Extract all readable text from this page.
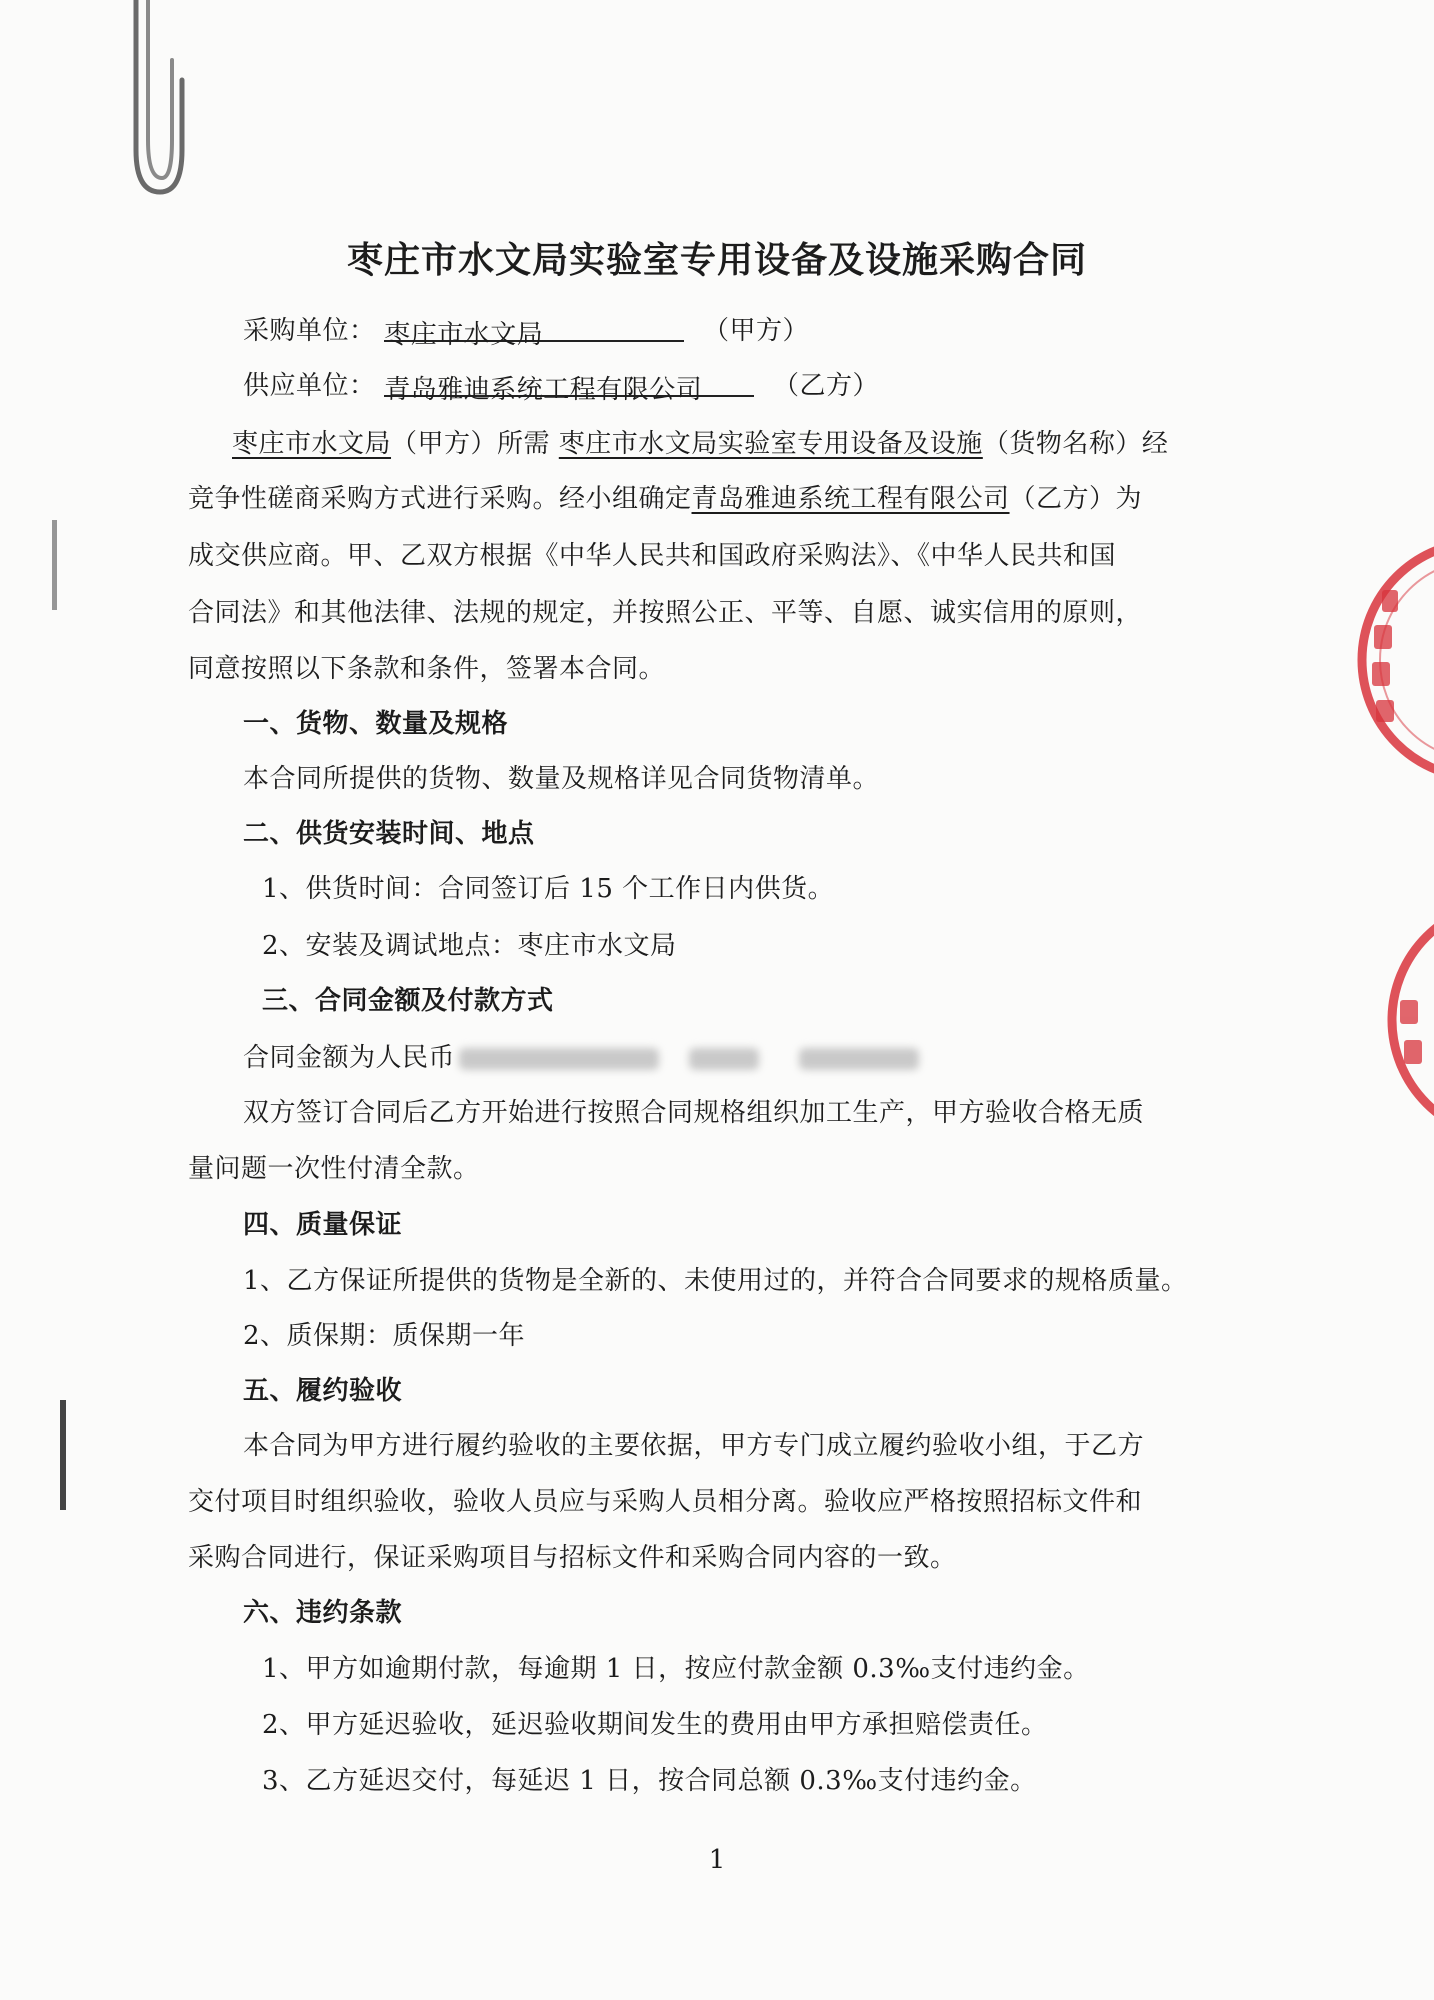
枣庄市水文局实验室专用设备及设施采购合同
采购单位： 枣庄市水文局	（甲方）
供应单位： 青岛雅迪系统工程有限公司	（乙方）
枣庄市水文局（甲方）所需 枣庄市水文局实验室专用设备及设施（货物名称）经
竞争性磋商采购方式进行采购。经小组确定青岛雅迪系统工程有限公司（乙方）为
成交供应商。甲、乙双方根据《中华人民共和国政府采购法》、《中华人民共和国
合同法》和其他法律、法规的规定，并按照公正、平等、自愿、诚实信用的原则，
同意按照以下条款和条件，签署本合同。
一、货物、数量及规格
本合同所提供的货物、数量及规格详见合同货物清单。
二、供货安装时间、地点
1、供货时间：合同签订后 15 个工作日内供货。
2、安装及调试地点：枣庄市水文局
三、合同金额及付款方式
合同金额为人民币
双方签订合同后乙方开始进行按照合同规格组织加工生产，甲方验收合格无质
量问题一次性付清全款。
四、质量保证
1、乙方保证所提供的货物是全新的、未使用过的，并符合合同要求的规格质量。
2、质保期：质保期一年
五、履约验收
本合同为甲方进行履约验收的主要依据，甲方专门成立履约验收小组，于乙方
交付项目时组织验收，验收人员应与采购人员相分离。验收应严格按照招标文件和
采购合同进行，保证采购项目与招标文件和采购合同内容的一致。
六、违约条款
1、甲方如逾期付款，每逾期 1 日，按应付款金额 0.3‰支付违约金。
2、甲方延迟验收，延迟验收期间发生的费用由甲方承担赔偿责任。
3、乙方延迟交付，每延迟 1 日，按合同总额 0.3‰支付违约金。
1
